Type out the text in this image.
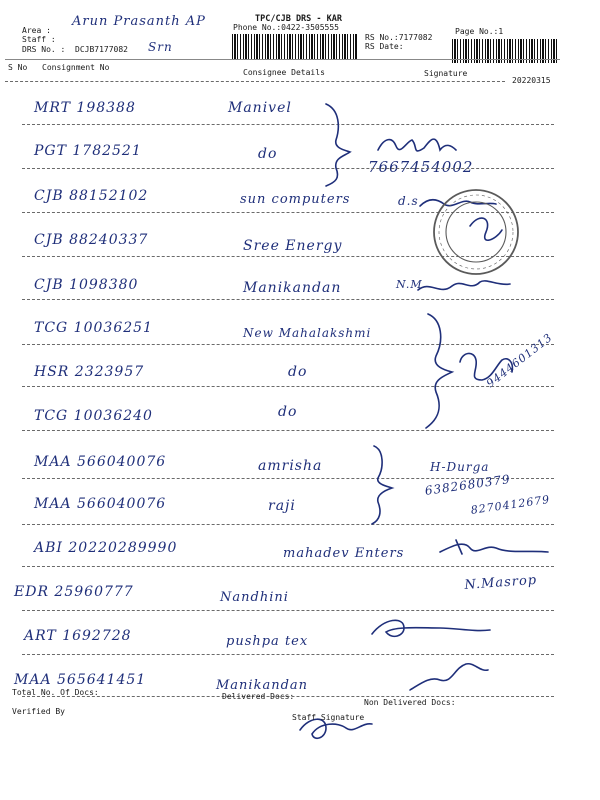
Area :
Arun Prasanth AP
Staff :
DRS No. : DCJB7177082 Srn
TPC/CJB DRS - KAR
Phone No.:0422-3505555
RS No.:7177082
RS Date:
Page No.:1
S No Consignment No
Consignee Details	Signature
20220315
MRT 198388	Manivel
PGT 1782521	do
7667454002
CJB 88152102	sun computers	d.s
CJB 88240337	Sree Energy
CJB 1098380	Manikandan	N.M
TCG 10036251	New Mahalakshmi
HSR 2323957	do	9444601313
TCG 10036240	do
MAA 566040076	amrisha	H-Durga
MAA 566040076	raji
6382680379
8270412679
ABI 20220289990	mahadev Enters
EDR 25960777	Nandhini
N.Masrop
ART 1692728	pushpa tex
MAA 565641451	Manikandan
Total No. Of Docs:	Delivered Docs:
Non Delivered Docs:
Verified By
Staff Signature
